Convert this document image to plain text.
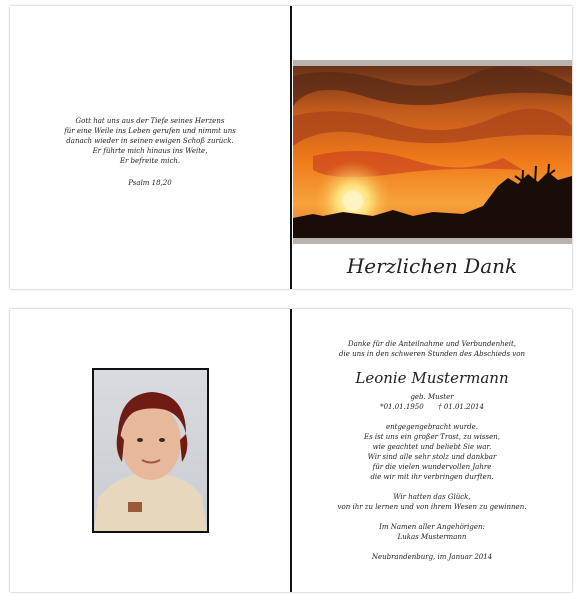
Gott hat uns aus der Tiefe seines Herzens
für eine Weile ins Leben gerufen und nimmt uns
danach wieder in seinen ewigen Schoß zurück.
Er führte mich hinaus ins Weite,
Er befreite mich.
Psalm 18,20
Herzlichen Dank
Danke für die Anteilnahme und Verbundenheit,
die uns in den schweren Stunden des Abschieds von
Leonie Mustermann
geb. Muster
*01.01.1950 † 01.01.2014
entgegengebracht wurde.
Es ist uns ein großer Trost, zu wissen,
wie geachtet und beliebt Sie war.
Wir sind alle sehr stolz und dankbar
für die vielen wundervollen Jahre
die wir mit ihr verbringen durften.
Wir hatten das Glück,
von ihr zu lernen und von ihrem Wesen zu gewinnen.
Im Namen aller Angehörigen:
Lukas Mustermann
Neubrandenburg, im Januar 2014
